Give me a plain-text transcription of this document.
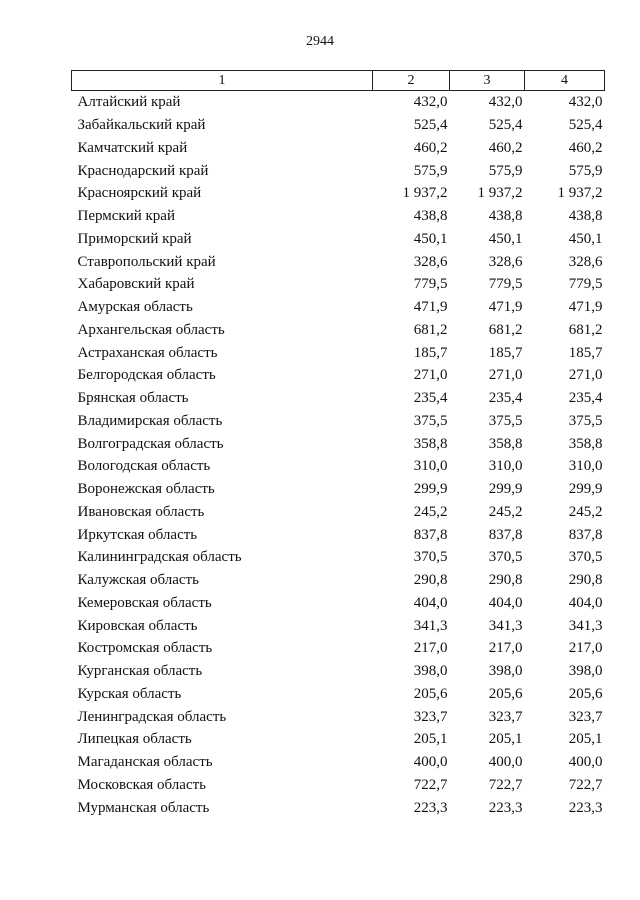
2944
1	2	3	4
Алтайский край	432,0	432,0	432,0
Забайкальский край	525,4	525,4	525,4
Камчатский край	460,2	460,2	460,2
Краснодарский край	575,9	575,9	575,9
Красноярский край	1 937,2	1 937,2	1 937,2
Пермский край	438,8	438,8	438,8
Приморский край	450,1	450,1	450,1
Ставропольский край	328,6	328,6	328,6
Хабаровский край	779,5	779,5	779,5
Амурская область	471,9	471,9	471,9
Архангельская область	681,2	681,2	681,2
Астраханская область	185,7	185,7	185,7
Белгородская область	271,0	271,0	271,0
Брянская область	235,4	235,4	235,4
Владимирская область	375,5	375,5	375,5
Волгоградская область	358,8	358,8	358,8
Вологодская область	310,0	310,0	310,0
Воронежская область	299,9	299,9	299,9
Ивановская область	245,2	245,2	245,2
Иркутская область	837,8	837,8	837,8
Калининградская область	370,5	370,5	370,5
Калужская область	290,8	290,8	290,8
Кемеровская область	404,0	404,0	404,0
Кировская область	341,3	341,3	341,3
Костромская область	217,0	217,0	217,0
Курганская область	398,0	398,0	398,0
Курская область	205,6	205,6	205,6
Ленинградская область	323,7	323,7	323,7
Липецкая область	205,1	205,1	205,1
Магаданская область	400,0	400,0	400,0
Московская область	722,7	722,7	722,7
Мурманская область	223,3	223,3	223,3
